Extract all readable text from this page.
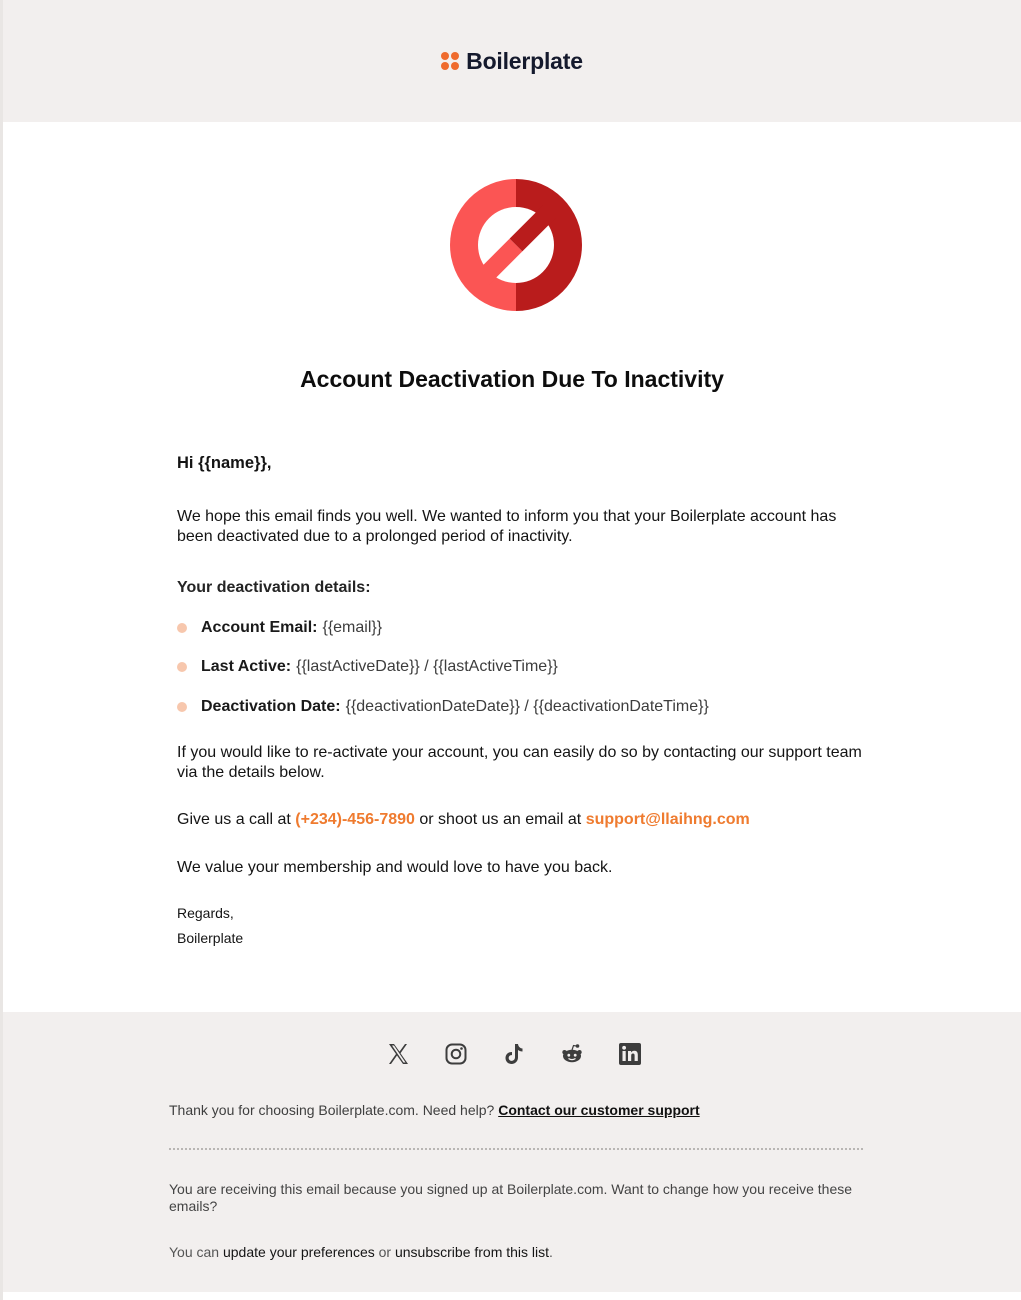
Boilerplate
Account Deactivation Due To Inactivity
Hi {{name}},
We hope this email finds you well. We wanted to inform you that your Boilerplate account has been deactivated due to a prolonged period of inactivity.
Your deactivation details:
Account Email: {{email}}
Last Active: {{lastActiveDate}} / {{lastActiveTime}}
Deactivation Date: {{deactivationDateDate}} / {{deactivationDateTime}}
If you would like to re-activate your account, you can easily do so by contacting our support team via the details below.
Give us a call at (+234)-456-7890 or shoot us an email at support@llaihng.com
We value your membership and would love to have you back.
Regards,
Boilerplate
Thank you for choosing Boilerplate.com. Need help? Contact our customer support
You are receiving this email because you signed up at Boilerplate.com. Want to change how you receive these emails?
You can update your preferences or unsubscribe from this list.
